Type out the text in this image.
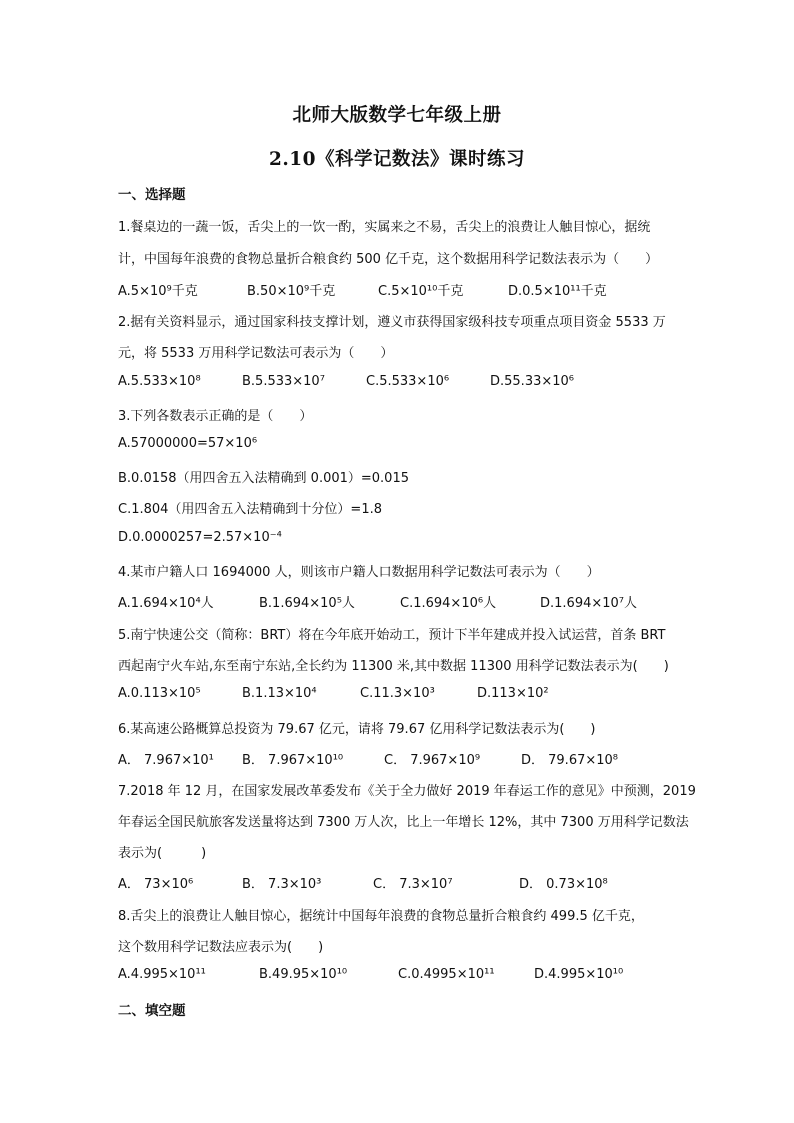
北师大版数学七年级上册
2.10《科学记数法》课时练习
一、选择题
1.餐桌边的一蔬一饭，舌尖上的一饮一酌，实属来之不易，舌尖上的浪费让人触目惊心，据统
计，中国每年浪费的食物总量折合粮食约 500 亿千克，这个数据用科学记数法表示为（　　）
A.5×10⁹千克	B.50×10⁹千克	C.5×10¹⁰千克	D.0.5×10¹¹千克
2.据有关资料显示，通过国家科技支撑计划，遵义市获得国家级科技专项重点项目资金 5533 万
元，将 5533 万用科学记数法可表示为（　　）
A.5.533×10⁸	B.5.533×10⁷	C.5.533×10⁶	D.55.33×10⁶
3.下列各数表示正确的是（　　）
A.57000000=57×10⁶
B.0.0158（用四舍五入法精确到 0.001）=0.015
C.1.804（用四舍五入法精确到十分位）=1.8
D.0.0000257=2.57×10⁻⁴
4.某市户籍人口 1694000 人，则该市户籍人口数据用科学记数法可表示为（　　）
A.1.694×10⁴人	B.1.694×10⁵人	C.1.694×10⁶人	D.1.694×10⁷人
5.南宁快速公交（简称：BRT）将在今年底开始动工，预计下半年建成并投入试运营，首条 BRT
西起南宁火车站,东至南宁东站,全长约为 11300 米,其中数据 11300 用科学记数法表示为(　　)
A.0.113×10⁵	B.1.13×10⁴	C.11.3×10³	D.113×10²
6.某高速公路概算总投资为 79.67 亿元，请将 79.67 亿用科学记数法表示为(　　)
A． 7.967×10¹ B． 7.967×10¹⁰	C． 7.967×10⁹	D． 79.67×10⁸
7.2018 年 12 月，在国家发展改革委发布《关于全力做好 2019 年春运工作的意见》中预测，2019
年春运全国民航旅客发送量将达到 7300 万人次，比上一年增长 12%，其中 7300 万用科学记数法
表示为(　　　)
A． 73×10⁶	B． 7.3×10³	C． 7.3×10⁷	D． 0.73×10⁸
8.舌尖上的浪费让人触目惊心，据统计中国每年浪费的食物总量折合粮食约 499.5 亿千克，
这个数用科学记数法应表示为(　　)
A.4.995×10¹¹	B.49.95×10¹⁰	C.0.4995×10¹¹	D.4.995×10¹⁰
二、填空题
